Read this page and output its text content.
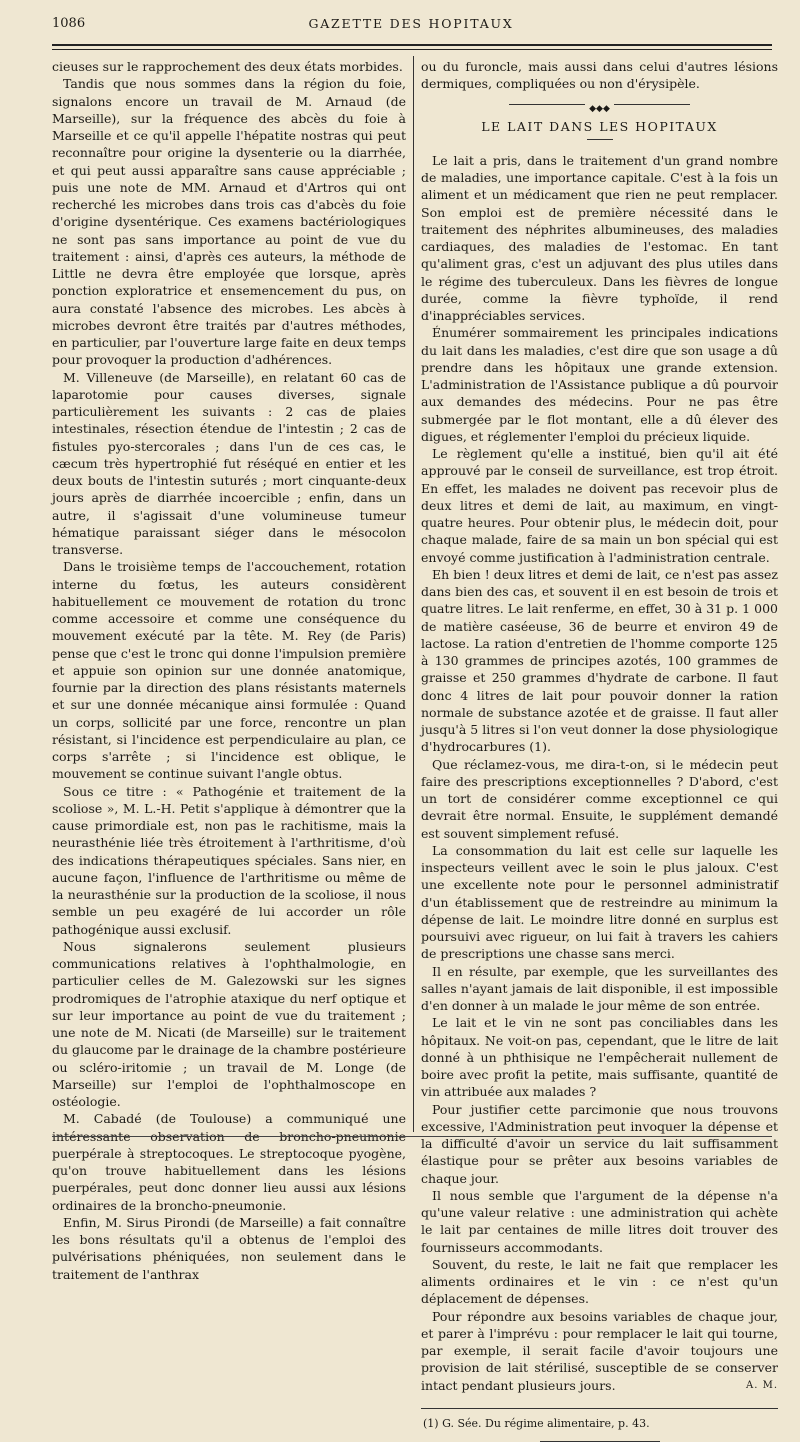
1086	GAZETTE DES HOPITAUX

cieuses sur le rapprochement des deux états morbides.

Tandis que nous sommes dans la région du foie, signalons encore un travail de M. Arnaud (de Marseille), sur la fréquence des abcès du foie à Marseille et ce qu'il appelle l'hépatite nostras qui peut reconnaître pour origine la dysenterie ou la diarrhée, et qui peut aussi apparaître sans cause appréciable ; puis une note de MM. Arnaud et d'Artros qui ont recherché les microbes dans trois cas d'abcès du foie d'origine dysentérique. Ces examens bactériologiques ne sont pas sans importance au point de vue du traitement : ainsi, d'après ces auteurs, la méthode de Little ne devra être employée que lorsque, après ponction exploratrice et ensemencement du pus, on aura constaté l'absence des microbes. Les abcès à microbes devront être traités par d'autres méthodes, en particulier, par l'ouverture large faite en deux temps pour provoquer la production d'adhérences.

M. Villeneuve (de Marseille), en relatant 60 cas de laparotomie pour causes diverses, signale particulièrement les suivants : 2 cas de plaies intestinales, résection étendue de l'intestin ; 2 cas de fistules pyo-stercorales ; dans l'un de ces cas, le cæcum très hypertrophié fut réséqué en entier et les deux bouts de l'intestin suturés ; mort cinquante-deux jours après de diarrhée incoercible ; enfin, dans un autre, il s'agissait d'une volumineuse tumeur hématique paraissant siéger dans le mésocolon transverse.

Dans le troisième temps de l'accouchement, rotation interne du fœtus, les auteurs considèrent habituellement ce mouvement de rotation du tronc comme accessoire et comme une conséquence du mouvement exécuté par la tête. M. Rey (de Paris) pense que c'est le tronc qui donne l'impulsion première et appuie son opinion sur une donnée anatomique, fournie par la direction des plans résistants maternels et sur une donnée mécanique ainsi formulée : Quand un corps, sollicité par une force, rencontre un plan résistant, si l'incidence est perpendiculaire au plan, ce corps s'arrête ; si l'incidence est oblique, le mouvement se continue suivant l'angle obtus.

Sous ce titre : « Pathogénie et traitement de la scoliose », M. L.-H. Petit s'applique à démontrer que la cause primordiale est, non pas le rachitisme, mais la neurasthénie liée très étroitement à l'arthritisme, d'où des indications thérapeutiques spéciales. Sans nier, en aucune façon, l'influence de l'arthritisme ou même de la neurasthénie sur la production de la scoliose, il nous semble un peu exagéré de lui accorder un rôle pathogénique aussi exclusif.

Nous signalerons seulement plusieurs communications relatives à l'ophthalmologie, en particulier celles de M. Galezowski sur les signes prodromiques de l'atrophie ataxique du nerf optique et sur leur importance au point de vue du traitement ; une note de M. Nicati (de Marseille) sur le traitement du glaucome par le drainage de la chambre postérieure ou scléro-iritomie ; un travail de M. Longe (de Marseille) sur l'emploi de l'ophthalmoscope en ostéologie.

M. Cabadé (de Toulouse) a communiqué une intéressante observation de broncho-pneumonie puerpérale à streptocoques. Le streptocoque pyogène, qu'on trouve habituellement dans les lésions puerpérales, peut donc donner lieu aussi aux lésions ordinaires de la broncho-pneumonie.

Enfin, M. Sirus Pirondi (de Marseille) a fait connaître les bons résultats qu'il a obtenus de l'emploi des pulvérisations phéniquées, non seulement dans le traitement de l'anthrax

ou du furoncle, mais aussi dans celui d'autres lésions dermiques, compliquées ou non d'érysipèle.

◆◆◆
LE LAIT DANS LES HOPITAUX

Le lait a pris, dans le traitement d'un grand nombre de maladies, une importance capitale. C'est à la fois un aliment et un médicament que rien ne peut remplacer. Son emploi est de première nécessité dans le traitement des néphrites albumineuses, des maladies cardiaques, des maladies de l'estomac. En tant qu'aliment gras, c'est un adjuvant des plus utiles dans le régime des tuberculeux. Dans les fièvres de longue durée, comme la fièvre typhoïde, il rend d'inappréciables services.

Énumérer sommairement les principales indications du lait dans les maladies, c'est dire que son usage a dû prendre dans les hôpitaux une grande extension. L'administration de l'Assistance publique a dû pourvoir aux demandes des médecins. Pour ne pas être submergée par le flot montant, elle a dû élever des digues, et réglementer l'emploi du précieux liquide.

Le règlement qu'elle a institué, bien qu'il ait été approuvé par le conseil de surveillance, est trop étroit. En effet, les malades ne doivent pas recevoir plus de deux litres et demi de lait, au maximum, en vingt-quatre heures. Pour obtenir plus, le médecin doit, pour chaque malade, faire de sa main un bon spécial qui est envoyé comme justification à l'administration centrale.

Eh bien ! deux litres et demi de lait, ce n'est pas assez dans bien des cas, et souvent il en est besoin de trois et quatre litres. Le lait renferme, en effet, 30 à 31 p. 1 000 de matière caséeuse, 36 de beurre et environ 49 de lactose. La ration d'entretien de l'homme comporte 125 à 130 grammes de principes azotés, 100 grammes de graisse et 250 grammes d'hydrate de carbone. Il faut donc 4 litres de lait pour pouvoir donner la ration normale de substance azotée et de graisse. Il faut aller jusqu'à 5 litres si l'on veut donner la dose physiologique d'hydrocarbures (1).

Que réclamez-vous, me dira-t-on, si le médecin peut faire des prescriptions exceptionnelles ? D'abord, c'est un tort de considérer comme exceptionnel ce qui devrait être normal. Ensuite, le supplément demandé est souvent simplement refusé.

La consommation du lait est celle sur laquelle les inspecteurs veillent avec le soin le plus jaloux. C'est une excellente note pour le personnel administratif d'un établissement que de restreindre au minimum la dépense de lait. Le moindre litre donné en surplus est poursuivi avec rigueur, on lui fait à travers les cahiers de prescriptions une chasse sans merci.

Il en résulte, par exemple, que les surveillantes des salles n'ayant jamais de lait disponible, il est impossible d'en donner à un malade le jour même de son entrée.

Le lait et le vin ne sont pas conciliables dans les hôpitaux. Ne voit-on pas, cependant, que le litre de lait donné à un phthisique ne l'empêcherait nullement de boire avec profit la petite, mais suffisante, quantité de vin attribuée aux malades ?

Pour justifier cette parcimonie que nous trouvons excessive, l'Administration peut invoquer la dépense et la difficulté d'avoir un service du lait suffisamment élastique pour se prêter aux besoins variables de chaque jour.

Il nous semble que l'argument de la dépense n'a qu'une valeur relative : une administration qui achète le lait par centaines de mille litres doit trouver des fournisseurs accommodants.

Souvent, du reste, le lait ne fait que remplacer les aliments ordinaires et le vin : ce n'est qu'un déplacement de dépenses.

Pour répondre aux besoins variables de chaque jour, et parer à l'imprévu : pour remplacer le lait qui tourne, par exemple, il serait facile d'avoir toujours une provision de lait stérilisé, susceptible de se conserver intact pendant plusieurs jours.	A. M.

(1) G. Sée. Du régime alimentaire, p. 43.
